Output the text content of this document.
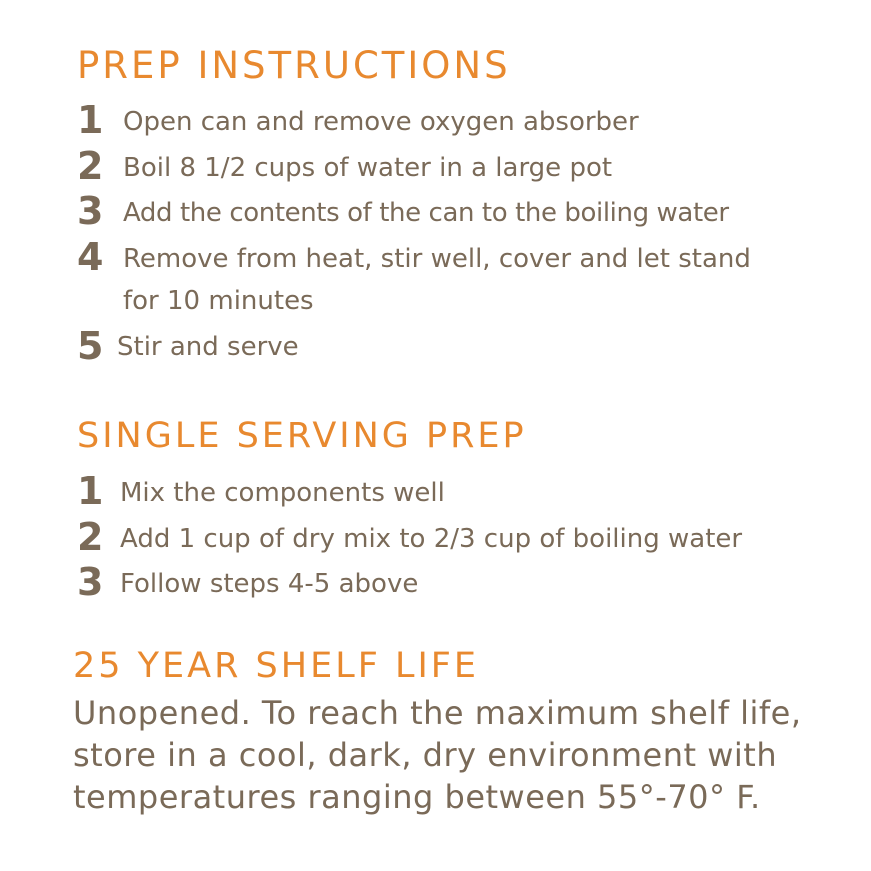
PREP INSTRUCTIONS
1 Open can and remove oxygen absorber
2 Boil 8 1/2 cups of water in a large pot
3 Add the contents of the can to the boiling water
4 Remove from heat, stir well, cover and let stand
for 10 minutes
5 Stir and serve
SINGLE SERVING PREP
1 Mix the components well
2 Add 1 cup of dry mix to 2/3 cup of boiling water
3 Follow steps 4-5 above
25 YEAR SHELF LIFE
Unopened. To reach the maximum shelf life,
store in a cool, dark, dry environment with
temperatures ranging between 55°-70° F.
